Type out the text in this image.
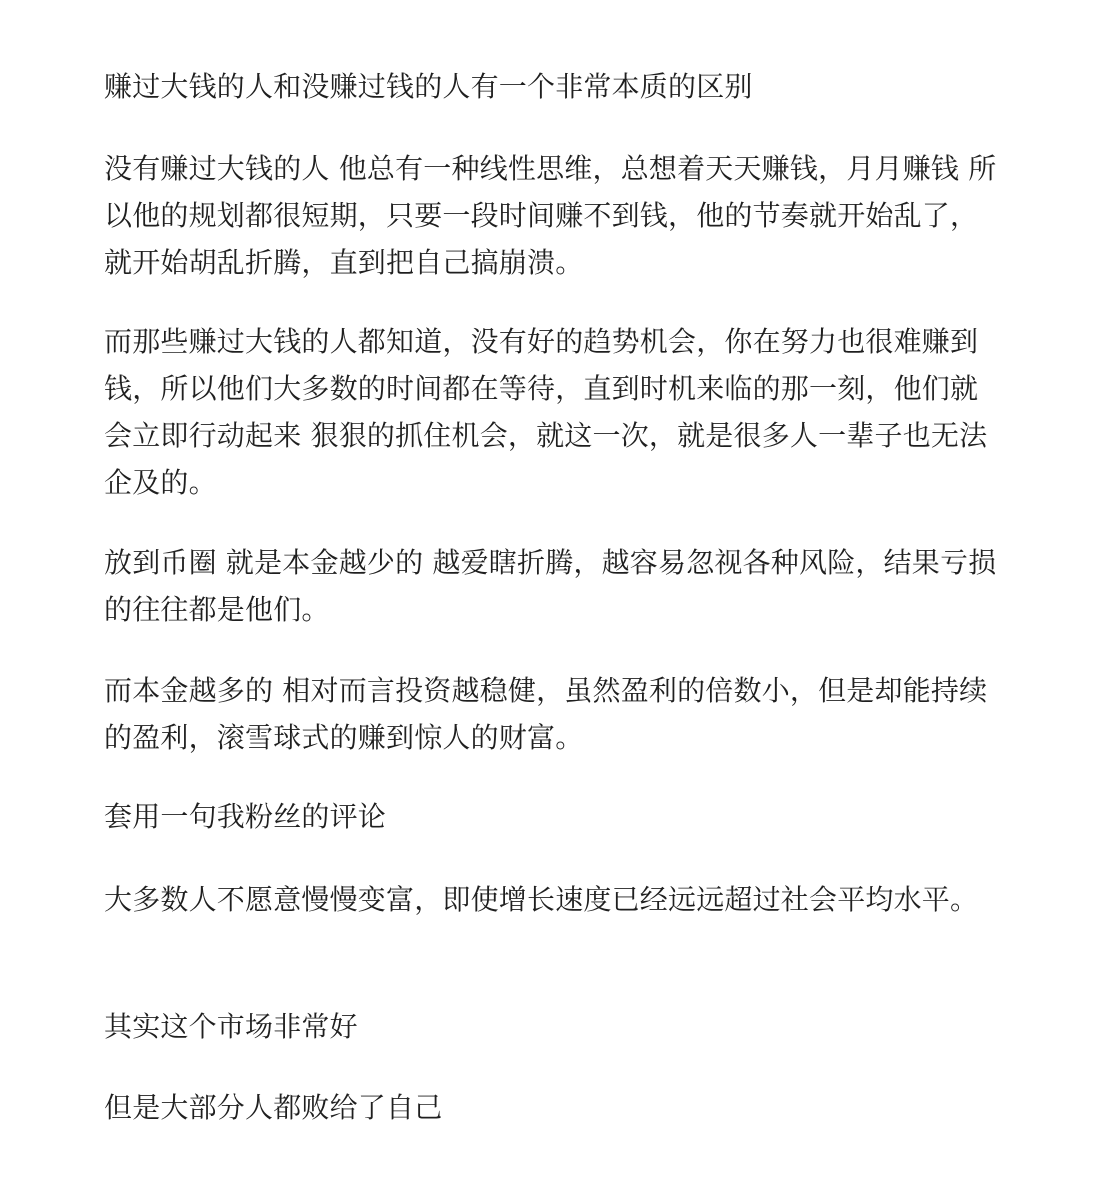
赚过大钱的人和没赚过钱的人有一个非常本质的区别

没有赚过大钱的人 他总有一种线性思维，总想着天天赚钱，月月赚钱 所以他的规划都很短期，只要一段时间赚不到钱，他的节奏就开始乱了，就开始胡乱折腾，直到把自己搞崩溃。

而那些赚过大钱的人都知道，没有好的趋势机会，你在努力也很难赚到钱，所以他们大多数的时间都在等待，直到时机来临的那一刻，他们就会立即行动起来 狠狠的抓住机会，就这一次，就是很多人一辈子也无法企及的。

放到币圈 就是本金越少的 越爱瞎折腾，越容易忽视各种风险，结果亏损的往往都是他们。

而本金越多的 相对而言投资越稳健，虽然盈利的倍数小，但是却能持续的盈利，滚雪球式的赚到惊人的财富。

套用一句我粉丝的评论

大多数人不愿意慢慢变富，即使增长速度已经远远超过社会平均水平。

其实这个市场非常好

但是大部分人都败给了自己
